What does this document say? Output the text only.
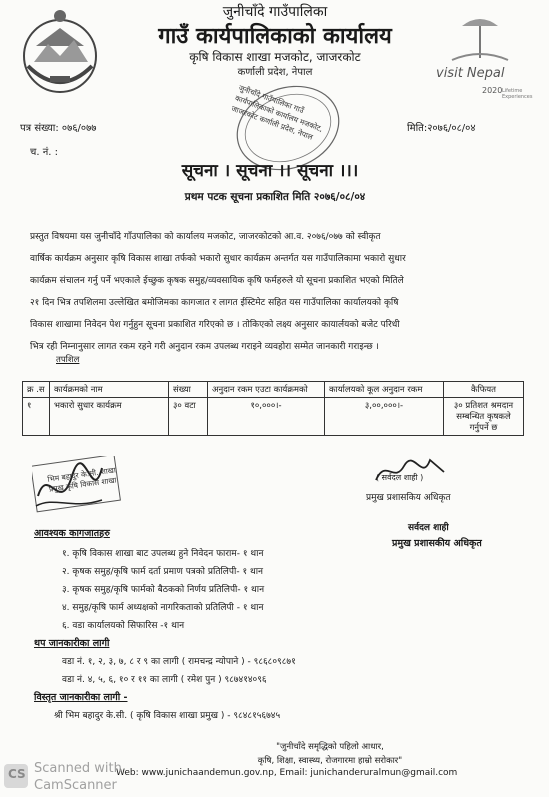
जुनीचाँदे गाउँपालिका
गाउँ कार्यपालिकाको कार्यालय
कृषि विकास शाखा मजकोट, जाजरकोट
कर्णाली प्रदेश, नेपाल	visit Nepal
2020 Lifetime Experiences
जुनीचाँदे गाउँपालिका गाउँ कार्यपालिकाको कार्यालय मजकोट, जाजरकोट कर्णाली प्रदेश, नेपाल
पत्र संख्या: ०७६/०७७
च. नं. :
मिति:२०७६/०८/०४
सूचना । सूचना ।। सूचना ।।।
प्रथम पटक सूचना प्रकाशित मिति २०७६/०८/०४
प्रस्तुत विषयमा यस जुनीचाँदे गाँउपालिका को कार्यालय मजकोट, जाजरकोटको आ.व. २०७६/०७७ को स्वीकृत
वार्षिक कार्यक्रम अनुसार कृषि विकास शाखा तर्फको भकारो सुधार कार्यक्रम अन्तर्गत यस गाउँपालिकामा भकारो सुधार
कार्यक्रम संचालन गर्नु पर्ने भएकाले ईच्छुक कृषक समुह/व्यवसायिक कृषि फर्महरुले यो सूचना प्रकाशित भएको मितिले
२१ दिन भित्र तपशिलमा उल्लेखित बमोजिमका कागजात र लागत ईस्टिमेट सहित यस गाउँपालिका कार्यालयको कृषि
विकास शाखामा निवेदन पेश गर्नुहुन सूचना प्रकाशित गरिएको छ । तोकिएको लक्ष्य अनुसार कायार्लयको बजेट परिधी
भित्र रही निम्नानुसार लागत रकम रहने गरी अनुदान रकम उपलब्ध गराइने व्यवहोरा सम्मेत जानकारी गराइन्छ ।
तपशिल
क्र .स	कार्यक्रमको नाम	संख्या	अनुदान रकम एउटा कार्यक्रमको	कार्यालयको कूल अनुदान रकम	कैफियत
१	भकारो सुधार कार्यक्रम	३० वटा	१०,०००।-	३,००,०००।-	३० प्रतिशत श्रमदान सम्बन्धित कृषकले गर्नुपर्ने छ
भिम बहादुर के.सी. शाखा प्रमुख कृषि विकास शाखा	( सर्वदल शाही )
प्रमुख प्रशासकिय अधिकृत
सर्वदल शाही
प्रमुख प्रशासकीय अधिकृत
आवश्यक कागजातहरु
१. कृषि विकास शाखा बाट उपलब्ध हुने निवेदन फाराम- १ थान
२. कृषक समुह/कृषि फार्म दर्ता प्रमाण पत्रको प्रतिलिपी- १ थान
३. कृषक समुह/कृषि फार्मको बैठकको निर्णय प्रतिलिपी- १ थान
४. समुह/कृषि फार्म अध्यक्षको नागरिकताको प्रतिलिपी - १ थान
६. वडा कार्यालयको सिफारिस -१ थान
थप जानकारीका लागी
वडा नं. १, २, ३, ७, ८ र ९ का लागी ( रामचन्द्र न्योपाने ) - ९८६८०९८७१
वडा नं. ४, ५, ६, १० र ११ का लागी ( रमेश पुन ) ९८७४१४०९६
विस्तृत जानकारीका लागी -
श्री भिम बहादुर के.सी. ( कृषि विकास शाखा प्रमुख ) - ९८४८१५६७४५
"जुनीचाँदे समृद्धिको पहिलो आधार,
कृषि, शिक्षा, स्वास्थ्य, रोजगारमा हाम्रो सरोकार"
Web: www.junichaandemun.gov.np, Email: junichanderuralmun@gmail.com
CS Scanned with
CamScanner
